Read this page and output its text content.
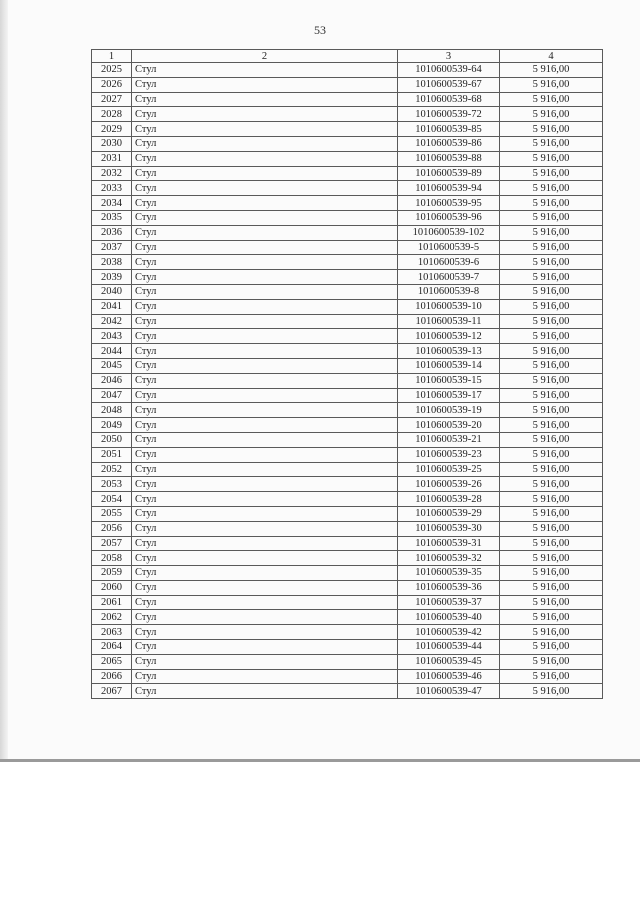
53
1	2	3	4
2025	Стул	1010600539-64	5 916,00
2026	Стул	1010600539-67	5 916,00
2027	Стул	1010600539-68	5 916,00
2028	Стул	1010600539-72	5 916,00
2029	Стул	1010600539-85	5 916,00
2030	Стул	1010600539-86	5 916,00
2031	Стул	1010600539-88	5 916,00
2032	Стул	1010600539-89	5 916,00
2033	Стул	1010600539-94	5 916,00
2034	Стул	1010600539-95	5 916,00
2035	Стул	1010600539-96	5 916,00
2036	Стул	1010600539-102	5 916,00
2037	Стул	1010600539-5	5 916,00
2038	Стул	1010600539-6	5 916,00
2039	Стул	1010600539-7	5 916,00
2040	Стул	1010600539-8	5 916,00
2041	Стул	1010600539-10	5 916,00
2042	Стул	1010600539-11	5 916,00
2043	Стул	1010600539-12	5 916,00
2044	Стул	1010600539-13	5 916,00
2045	Стул	1010600539-14	5 916,00
2046	Стул	1010600539-15	5 916,00
2047	Стул	1010600539-17	5 916,00
2048	Стул	1010600539-19	5 916,00
2049	Стул	1010600539-20	5 916,00
2050	Стул	1010600539-21	5 916,00
2051	Стул	1010600539-23	5 916,00
2052	Стул	1010600539-25	5 916,00
2053	Стул	1010600539-26	5 916,00
2054	Стул	1010600539-28	5 916,00
2055	Стул	1010600539-29	5 916,00
2056	Стул	1010600539-30	5 916,00
2057	Стул	1010600539-31	5 916,00
2058	Стул	1010600539-32	5 916,00
2059	Стул	1010600539-35	5 916,00
2060	Стул	1010600539-36	5 916,00
2061	Стул	1010600539-37	5 916,00
2062	Стул	1010600539-40	5 916,00
2063	Стул	1010600539-42	5 916,00
2064	Стул	1010600539-44	5 916,00
2065	Стул	1010600539-45	5 916,00
2066	Стул	1010600539-46	5 916,00
2067	Стул	1010600539-47	5 916,00
